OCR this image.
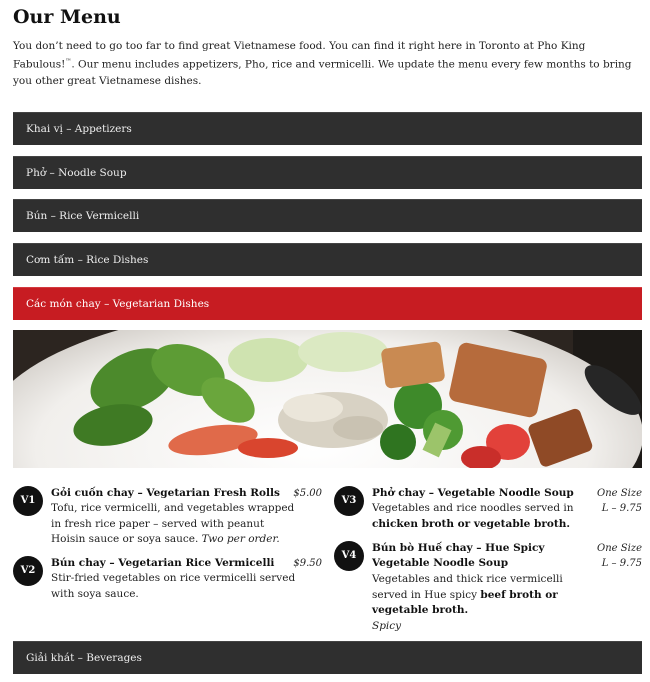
Our Menu

You don’t need to go too far to find great Vietnamese food. You can find it right here in Toronto at Pho King Fabulous!™. Our menu includes appetizers, Pho, rice and vermicelli. We update the menu every few months to bring you other great Vietnamese dishes.

Khai vị – Appetizers
Phở – Noodle Soup
Bún – Rice Vermicelli
Cơm tấm – Rice Dishes
Các món chay – Vegetarian Dishes
V1
Gỏi cuốn chay – Vegetarian Fresh Rolls	$5.00
Tofu, rice vermicelli, and vegetables wrapped in fresh rice paper – served with peanut Hoisin sauce or soya sauce. Two per order.
V2
Bún chay – Vegetarian Rice Vermicelli	$9.50
Stir-fried vegetables on rice vermicelli served with soya sauce.
V3
Phở chay – Vegetable Noodle Soup	One Size
L – 9.75
Vegetables and rice noodles served in chicken broth or vegetable broth.
V4
Bún bò Huế chay – Hue Spicy Vegetable Noodle Soup
One Size
L – 9.75
Vegetables and thick rice vermicelli served in Hue spicy beef broth or vegetable broth.
Spicy
Giải khát – Beverages
